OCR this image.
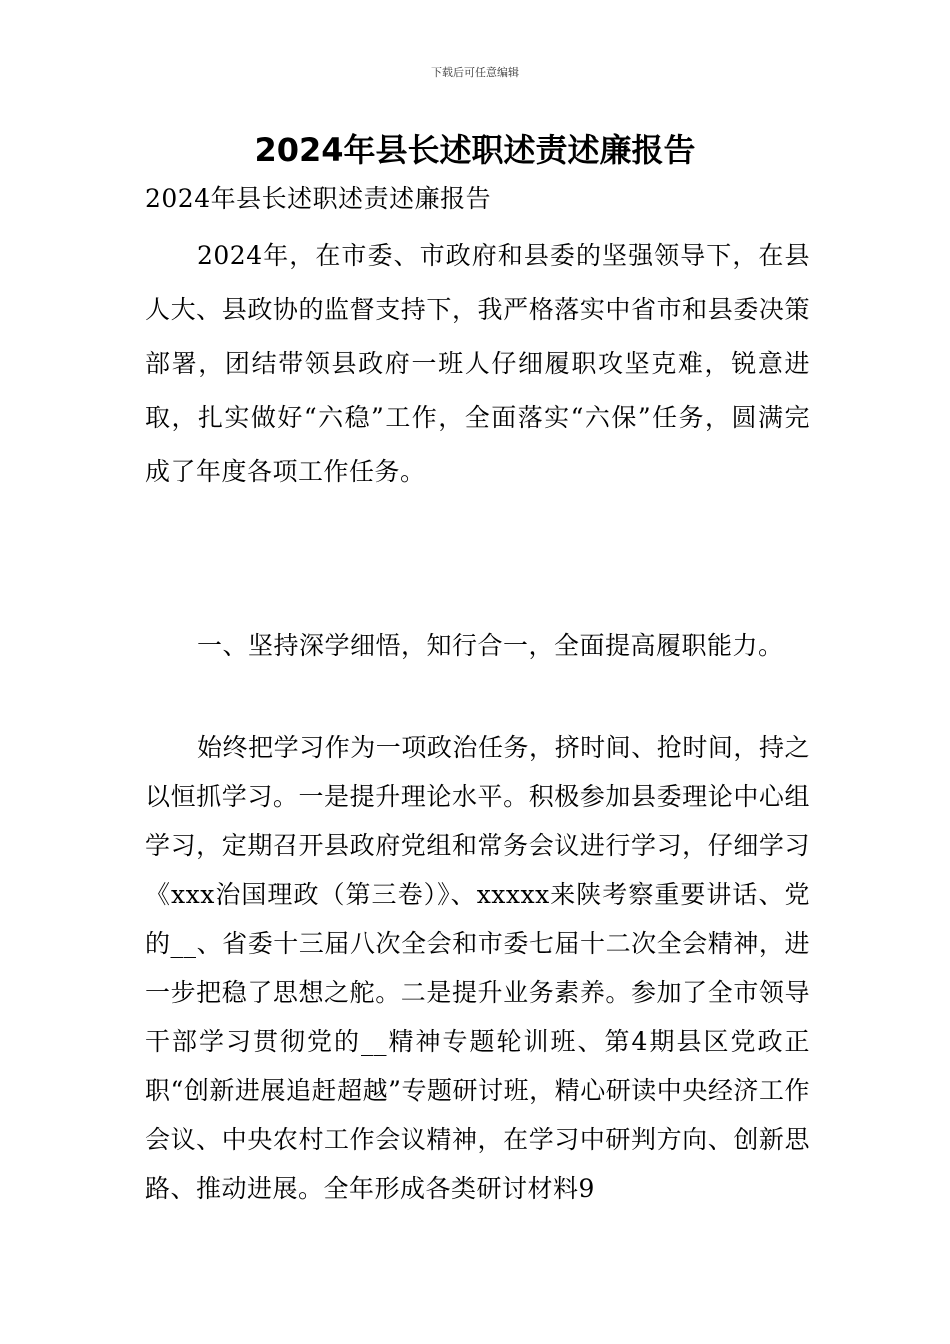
下载后可任意编辑
2024年县长述职述责述廉报告

2024年县长述职述责述廉报告

2024年，在市委、市政府和县委的坚强领导下，在县人大、县政协的监督支持下，我严格落实中省市和县委决策部署，团结带领县政府一班人仔细履职攻坚克难，锐意进取，扎实做好“六稳”工作，全面落实“六保”任务，圆满完成了年度各项工作任务。

一、坚持深学细悟，知行合一，全面提高履职能力。

始终把学习作为一项政治任务，挤时间、抢时间，持之以恒抓学习。一是提升理论水平。积极参加县委理论中心组学习，定期召开县政府党组和常务会议进行学习，仔细学习《xxx治国理政（第三卷）》、xxxxx来陕考察重要讲话、党的__、省委十三届八次全会和市委七届十二次全会精神，进一步把稳了思想之舵。二是提升业务素养。参加了全市领导干部学习贯彻党的__精神专题轮训班、第4期县区党政正职“创新进展追赶超越”专题研讨班，精心研读中央经济工作会议、中央农村工作会议精神，在学习中研判方向、创新思路、推动进展。全年形成各类研讨材料9
